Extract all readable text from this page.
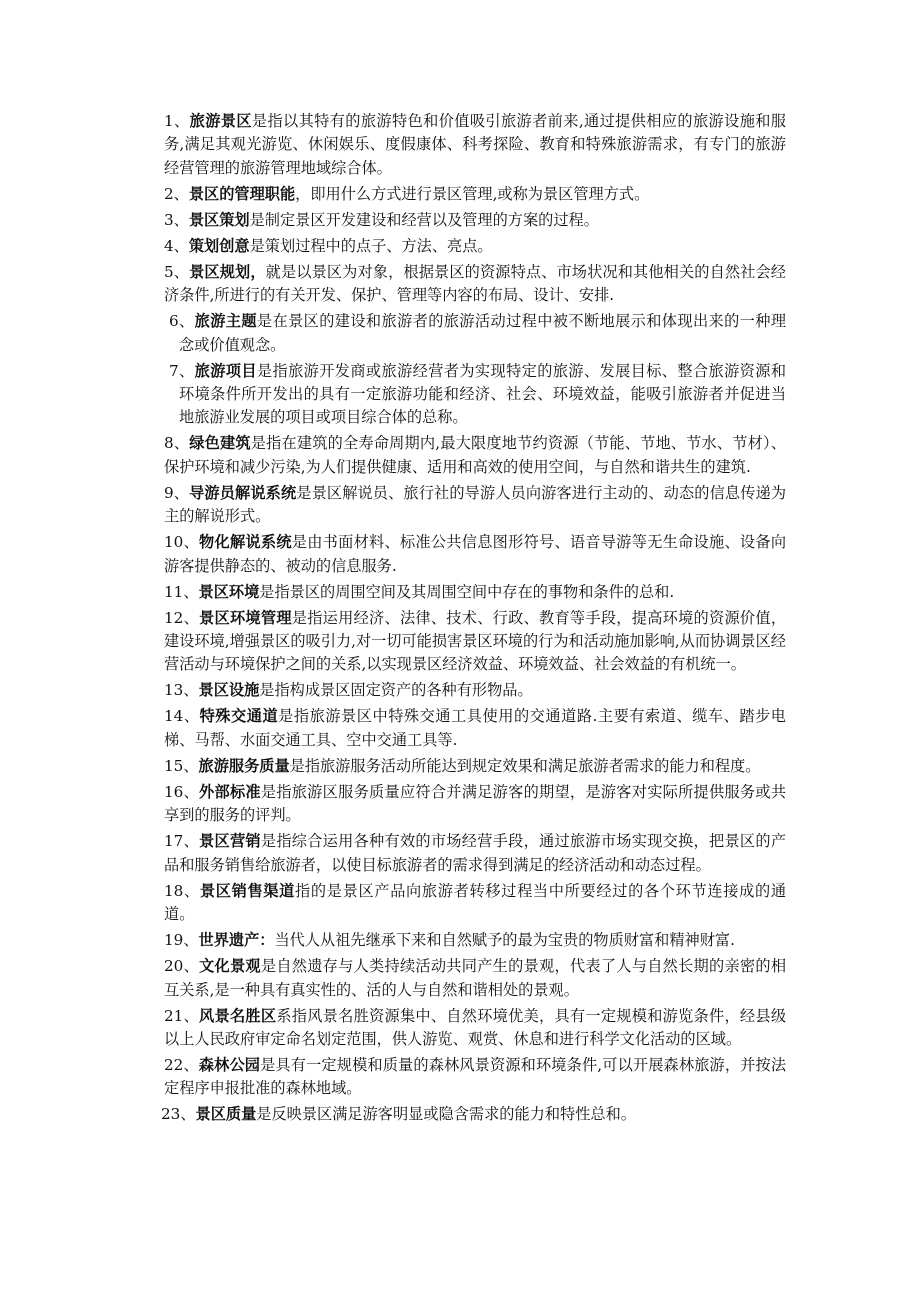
1、旅游景区是指以其特有的旅游特色和价值吸引旅游者前来,通过提供相应的旅游设施和服务,满足其观光游览、休闲娱乐、度假康体、科考探险、教育和特殊旅游需求，有专门的旅游经营管理的旅游管理地域综合体。

2、景区的管理职能，即用什么方式进行景区管理,或称为景区管理方式。

3、景区策划是制定景区开发建设和经营以及管理的方案的过程。

4、策划创意是策划过程中的点子、方法、亮点。

5、景区规划，就是以景区为对象，根据景区的资源特点、市场状况和其他相关的自然社会经济条件,所进行的有关开发、保护、管理等内容的布局、设计、安排.

6、旅游主题是在景区的建设和旅游者的旅游活动过程中被不断地展示和体现出来的一种理念或价值观念。

7、旅游项目是指旅游开发商或旅游经营者为实现特定的旅游、发展目标、整合旅游资源和环境条件所开发出的具有一定旅游功能和经济、社会、环境效益，能吸引旅游者并促进当地旅游业发展的项目或项目综合体的总称。

8、绿色建筑是指在建筑的全寿命周期内,最大限度地节约资源（节能、节地、节水、节材）、保护环境和减少污染,为人们提供健康、适用和高效的使用空间，与自然和谐共生的建筑.

9、导游员解说系统是景区解说员、旅行社的导游人员向游客进行主动的、动态的信息传递为主的解说形式。

10、物化解说系统是由书面材料、标准公共信息图形符号、语音导游等无生命设施、设备向游客提供静态的、被动的信息服务.

11、景区环境是指景区的周围空间及其周围空间中存在的事物和条件的总和.

12、景区环境管理是指运用经济、法律、技术、行政、教育等手段，提高环境的资源价值，建设环境,增强景区的吸引力,对一切可能损害景区环境的行为和活动施加影响,从而协调景区经营活动与环境保护之间的关系,以实现景区经济效益、环境效益、社会效益的有机统一。

13、景区设施是指构成景区固定资产的各种有形物品。

14、特殊交通道是指旅游景区中特殊交通工具使用的交通道路.主要有索道、缆车、踏步电梯、马帮、水面交通工具、空中交通工具等.

15、旅游服务质量是指旅游服务活动所能达到规定效果和满足旅游者需求的能力和程度。

16、外部标准是指旅游区服务质量应符合并满足游客的期望，是游客对实际所提供服务或共享到的服务的评判。

17、景区营销是指综合运用各种有效的市场经营手段，通过旅游市场实现交换，把景区的产品和服务销售给旅游者，以使目标旅游者的需求得到满足的经济活动和动态过程。

18、景区销售渠道指的是景区产品向旅游者转移过程当中所要经过的各个环节连接成的通道。

19、世界遗产：当代人从祖先继承下来和自然赋予的最为宝贵的物质财富和精神财富.

20、文化景观是自然遗存与人类持续活动共同产生的景观，代表了人与自然长期的亲密的相互关系,是一种具有真实性的、活的人与自然和谐相处的景观。

21、风景名胜区系指风景名胜资源集中、自然环境优美，具有一定规模和游览条件，经县级以上人民政府审定命名划定范围，供人游览、观赏、休息和进行科学文化活动的区域。

22、森林公园是具有一定规模和质量的森林风景资源和环境条件,可以开展森林旅游，并按法定程序申报批准的森林地域。

23、景区质量是反映景区满足游客明显或隐含需求的能力和特性总和。
